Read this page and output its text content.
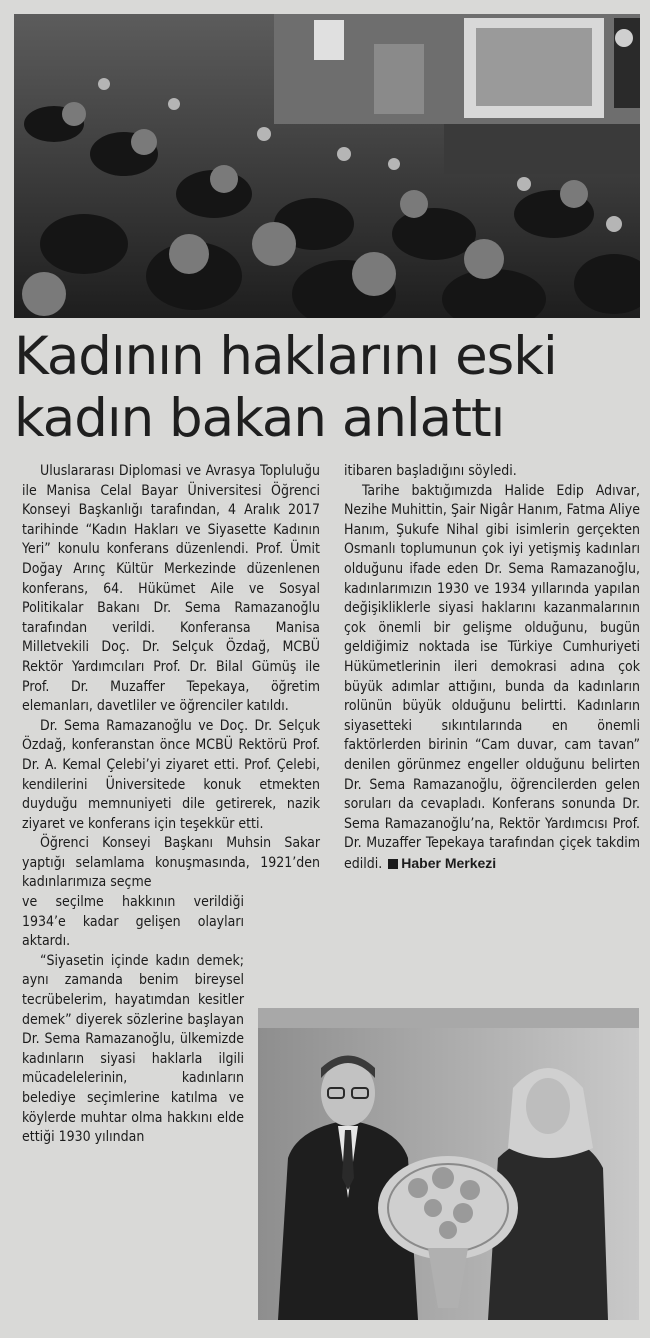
Kadının haklarını eski
kadın bakan anlattı

Uluslararası Diplomasi ve Avrasya Topluluğu ile Manisa Celal Bayar Üniversitesi Öğrenci Konseyi Başkanlığı tarafından, 4 Aralık 2017 tarihinde “Kadın Hakları ve Siyasette Kadının Yeri” konulu konferans düzenlendi. Prof. Ümit Doğay Arınç Kültür Merkezinde düzenlenen konferans, 64. Hükümet Aile ve Sosyal Politikalar Bakanı Dr. Sema Ramazanoğlu tarafından verildi. Konferansa Manisa Milletvekili Doç. Dr. Selçuk Özdağ, MCBÜ Rektör Yardımcıları Prof. Dr. Bilal Gümüş ile Prof. Dr. Muzaffer Tepekaya, öğretim elemanları, davetliler ve öğrenciler katıldı.

Dr. Sema Ramazanoğlu ve Doç. Dr. Selçuk Özdağ, konferanstan önce MCBÜ Rektörü Prof. Dr. A. Kemal Çelebi’yi ziyaret etti. Prof. Çelebi, kendilerini Üniversitede konuk etmekten duyduğu memnuniyeti dile getirerek, nazik ziyaret ve konferans için teşekkür etti.

Öğrenci Konseyi Başkanı Muhsin Sakar yaptığı selamlama konuşmasında, 1921’den kadınlarımıza seçme

ve seçilme hakkının verildiği 1934’e kadar gelişen olayları aktardı.

“Siyasetin içinde kadın demek; aynı zamanda benim bireysel tecrübelerim, hayatımdan kesitler demek” diyerek sözlerine başlayan Dr. Sema Ramazanoğlu, ülkemizde kadınların siyasi haklarla ilgili mücadelelerinin, kadınların belediye seçimlerine katılma ve köylerde muhtar olma hakkını elde ettiği 1930 yılından

itibaren başladığını söyledi.

Tarihe baktığımızda Halide Edip Adıvar, Nezihe Muhittin, Şair Nigâr Hanım, Fatma Aliye Hanım, Şukufe Nihal gibi isimlerin gerçekten Osmanlı toplumunun çok iyi yetişmiş kadınları olduğunu ifade eden Dr. Sema Ramazanoğlu, kadınlarımızın 1930 ve 1934 yıllarında yapılan değişikliklerle siyasi haklarını kazanmalarının çok önemli bir gelişme olduğunu, bugün geldiğimiz noktada ise Türkiye Cumhuriyeti Hükümetlerinin ileri demokrasi adına çok büyük adımlar attığını, bunda da kadınların rolünün büyük olduğunu belirtti. Kadınların siyasetteki sıkıntılarında en önemli faktörlerden birinin “Cam duvar, cam tavan” denilen görünmez engeller olduğunu belirten Dr. Sema Ramazanoğlu, öğrencilerden gelen soruları da cevapladı. Konferans sonunda Dr. Sema Ramazanoğlu’na, Rektör Yardımcısı Prof. Dr. Muzaffer Tepekaya tarafından çiçek takdim edildi. Haber Merkezi
